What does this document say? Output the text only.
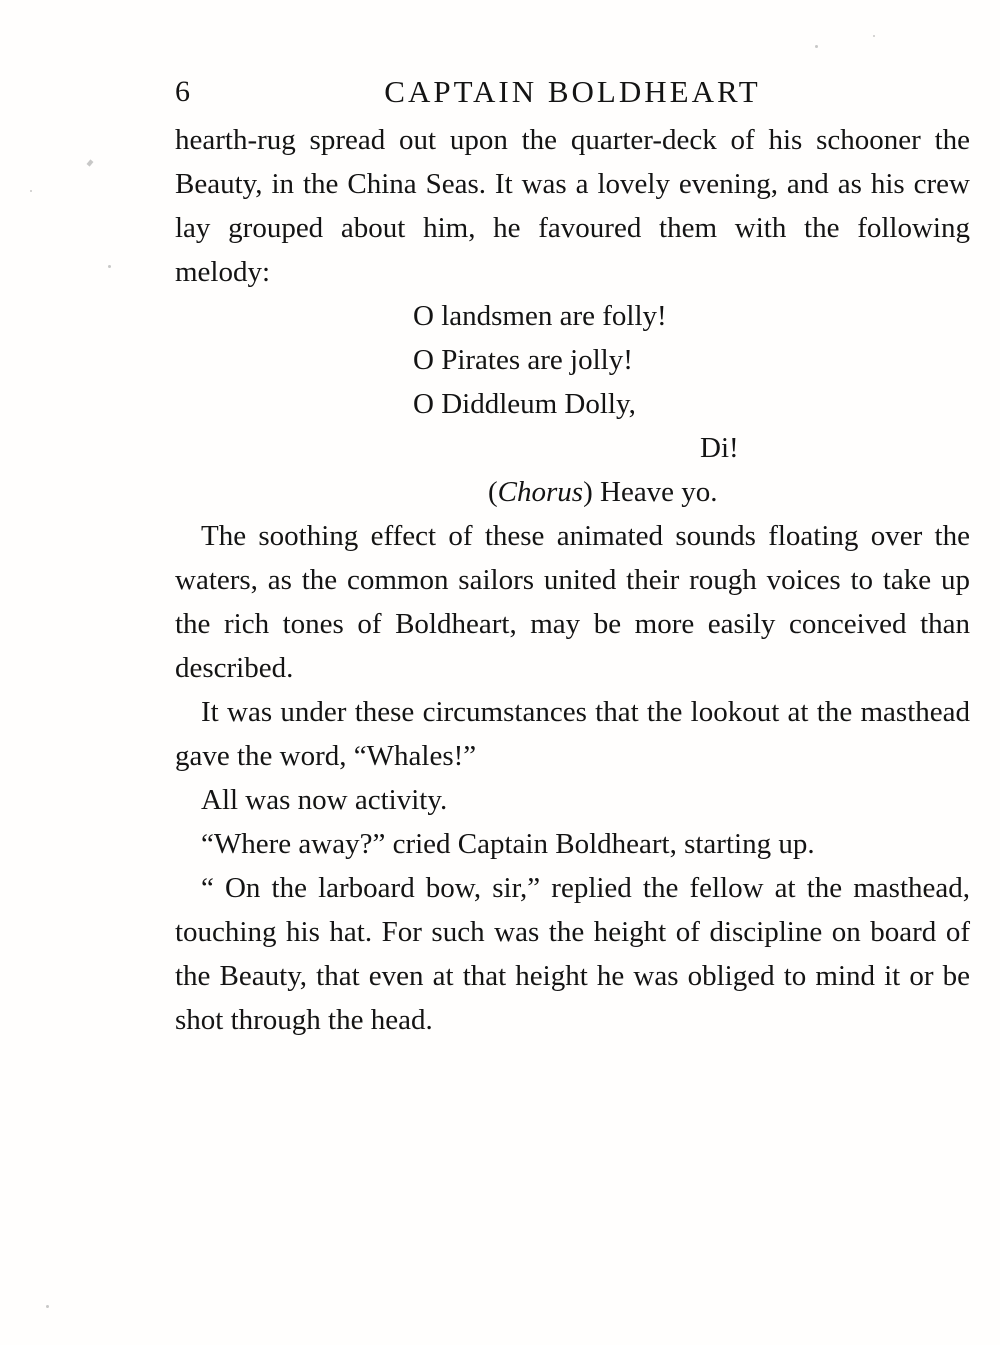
6	CAPTAIN BOLDHEART

hearth-rug spread out upon the quarter-deck of his schooner the Beauty, in the China Seas. It was a lovely evening, and as his crew lay grouped about him, he favoured them with the following melody:

O landsmen are folly!
O Pirates are jolly!
O Diddleum Dolly,
Di!
(Chorus) Heave yo.

The soothing effect of these animated sounds floating over the waters, as the common sailors united their rough voices to take up the rich tones of Boldheart, may be more easily conceived than described.

It was under these circumstances that the lookout at the masthead gave the word, “Whales!”

All was now activity.

“Where away?” cried Captain Boldheart, starting up.

“ On the larboard bow, sir,” replied the fellow at the masthead, touching his hat. For such was the height of discipline on board of the Beauty, that even at that height he was obliged to mind it or be shot through the head.
